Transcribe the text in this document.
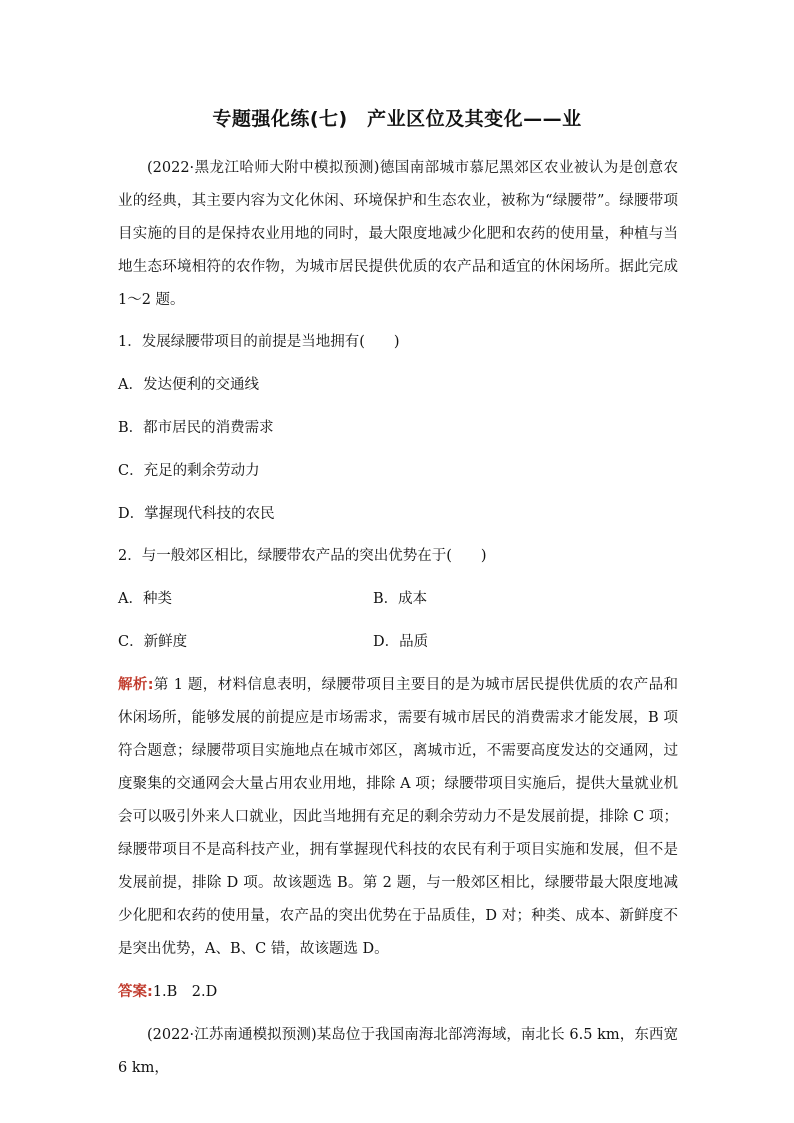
专题强化练(七)　产业区位及其变化——业

(2022·黑龙江哈师大附中模拟预测)德国南部城市慕尼黑郊区农业被认为是创意农业的经典，其主要内容为文化休闲、环境保护和生态农业，被称为“绿腰带”。绿腰带项目实施的目的是保持农业用地的同时，最大限度地减少化肥和农药的使用量，种植与当地生态环境相符的农作物，为城市居民提供优质的农产品和适宜的休闲场所。据此完成 1～2 题。

1．发展绿腰带项目的前提是当地拥有(　　)

A．发达便利的交通线

B．都市居民的消费需求

C．充足的剩余劳动力

D．掌握现代科技的农民

2．与一般郊区相比，绿腰带农产品的突出优势在于(　　)

A．种类	B．成本
C．新鲜度	D．品质
解析:第 1 题，材料信息表明，绿腰带项目主要目的是为城市居民提供优质的农产品和休闲场所，能够发展的前提应是市场需求，需要有城市居民的消费需求才能发展，B 项符合题意；绿腰带项目实施地点在城市郊区，离城市近，不需要高度发达的交通网，过度聚集的交通网会大量占用农业用地，排除 A 项；绿腰带项目实施后，提供大量就业机会可以吸引外来人口就业，因此当地拥有充足的剩余劳动力不是发展前提，排除 C 项；绿腰带项目不是高科技产业，拥有掌握现代科技的农民有利于项目实施和发展，但不是发展前提，排除 D 项。故该题选 B。第 2 题，与一般郊区相比，绿腰带最大限度地减少化肥和农药的使用量，农产品的突出优势在于品质佳，D 对；种类、成本、新鲜度不是突出优势，A、B、C 错，故该题选 D。
答案:1.B　2.D

(2022·江苏南通模拟预测)某岛位于我国南海北部湾海域，南北长 6.5 km，东西宽 6 km，
